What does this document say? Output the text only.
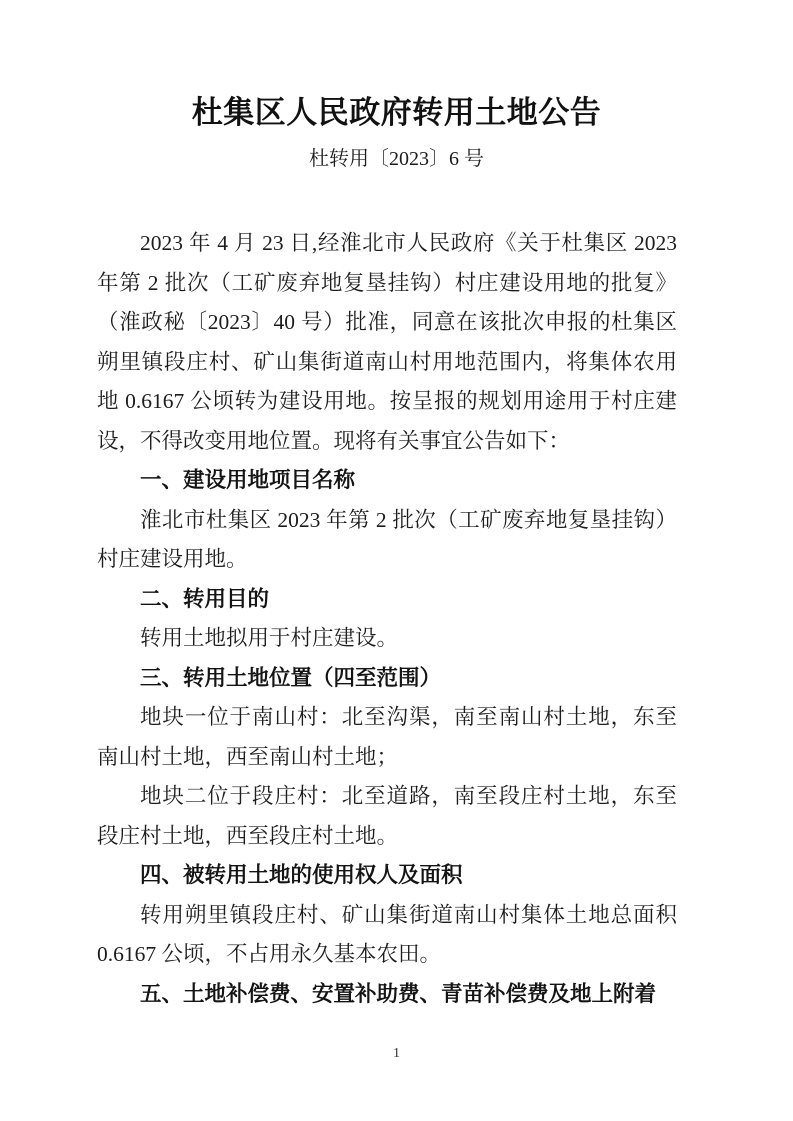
杜集区人民政府转用土地公告
杜转用〔2023〕6 号

2023 年 4 月 23 日,经淮北市人民政府《关于杜集区 2023 年第 2 批次（工矿废弃地复垦挂钩）村庄建设用地的批复》（淮政秘〔2023〕40 号）批准，同意在该批次申报的杜集区朔里镇段庄村、矿山集街道南山村用地范围内，将集体农用地 0.6167 公顷转为建设用地。按呈报的规划用途用于村庄建设，不得改变用地位置。现将有关事宜公告如下：

一、建设用地项目名称

淮北市杜集区 2023 年第 2 批次（工矿废弃地复垦挂钩）村庄建设用地。

二、转用目的

转用土地拟用于村庄建设。

三、转用土地位置（四至范围）

地块一位于南山村：北至沟渠，南至南山村土地，东至南山村土地，西至南山村土地；

地块二位于段庄村：北至道路，南至段庄村土地，东至段庄村土地，西至段庄村土地。

四、被转用土地的使用权人及面积

转用朔里镇段庄村、矿山集街道南山村集体土地总面积 0.6167 公顷，不占用永久基本农田。

五、土地补偿费、安置补助费、青苗补偿费及地上附着

1
